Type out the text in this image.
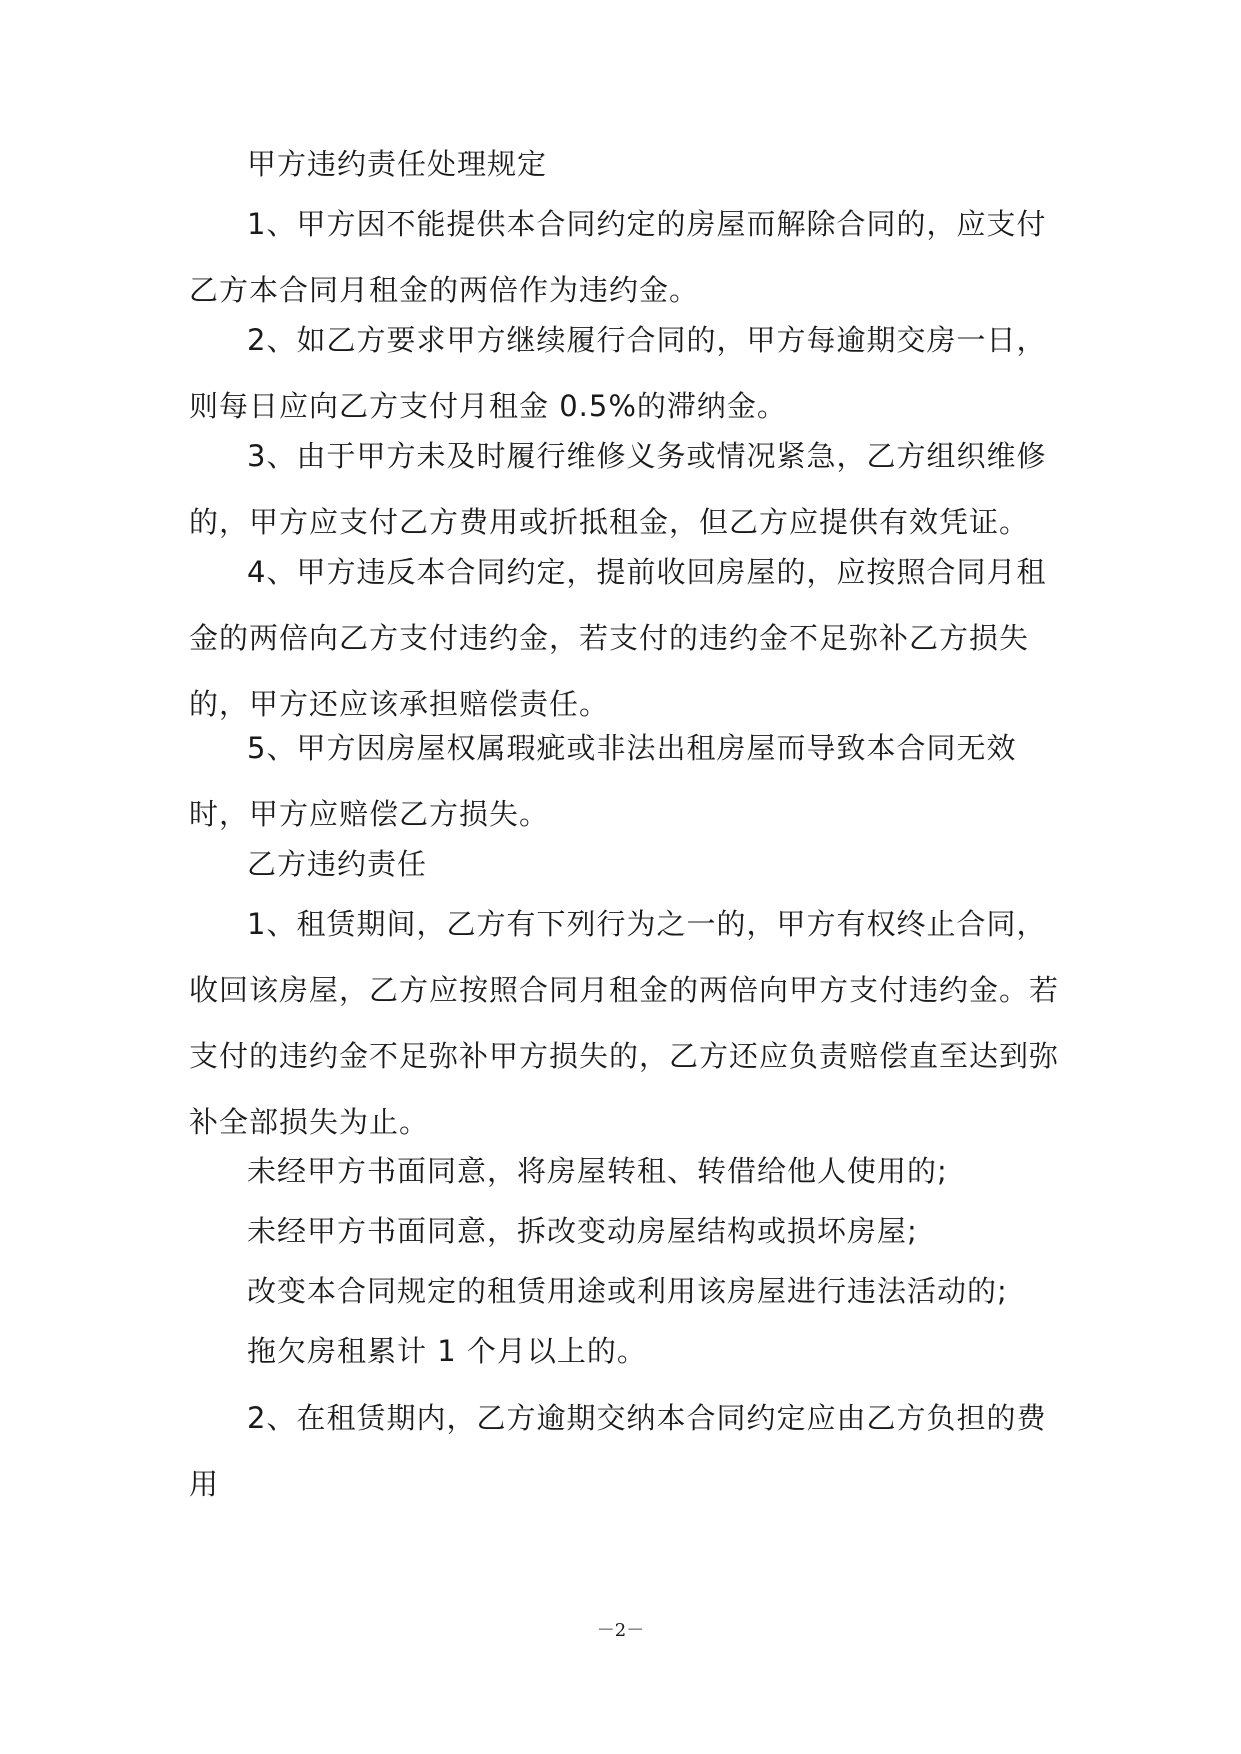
甲方违约责任处理规定

1、甲方因不能提供本合同约定的房屋而解除合同的，应支付乙方本合同月租金的两倍作为违约金。

2、如乙方要求甲方继续履行合同的，甲方每逾期交房一日，则每日应向乙方支付月租金 0.5%的滞纳金。

3、由于甲方未及时履行维修义务或情况紧急，乙方组织维修的，甲方应支付乙方费用或折抵租金，但乙方应提供有效凭证。

4、甲方违反本合同约定，提前收回房屋的，应按照合同月租金的两倍向乙方支付违约金，若支付的违约金不足弥补乙方损失的，甲方还应该承担赔偿责任。

5、甲方因房屋权属瑕疵或非法出租房屋而导致本合同无效时，甲方应赔偿乙方损失。

乙方违约责任

1、租赁期间，乙方有下列行为之一的，甲方有权终止合同，收回该房屋，乙方应按照合同月租金的两倍向甲方支付违约金。若支付的违约金不足弥补甲方损失的，乙方还应负责赔偿直至达到弥补全部损失为止。

未经甲方书面同意，将房屋转租、转借给他人使用的;

未经甲方书面同意，拆改变动房屋结构或损坏房屋;

改变本合同规定的租赁用途或利用该房屋进行违法活动的;

拖欠房租累计 1 个月以上的。

2、在租赁期内，乙方逾期交纳本合同约定应由乙方负担的费用

－2－
